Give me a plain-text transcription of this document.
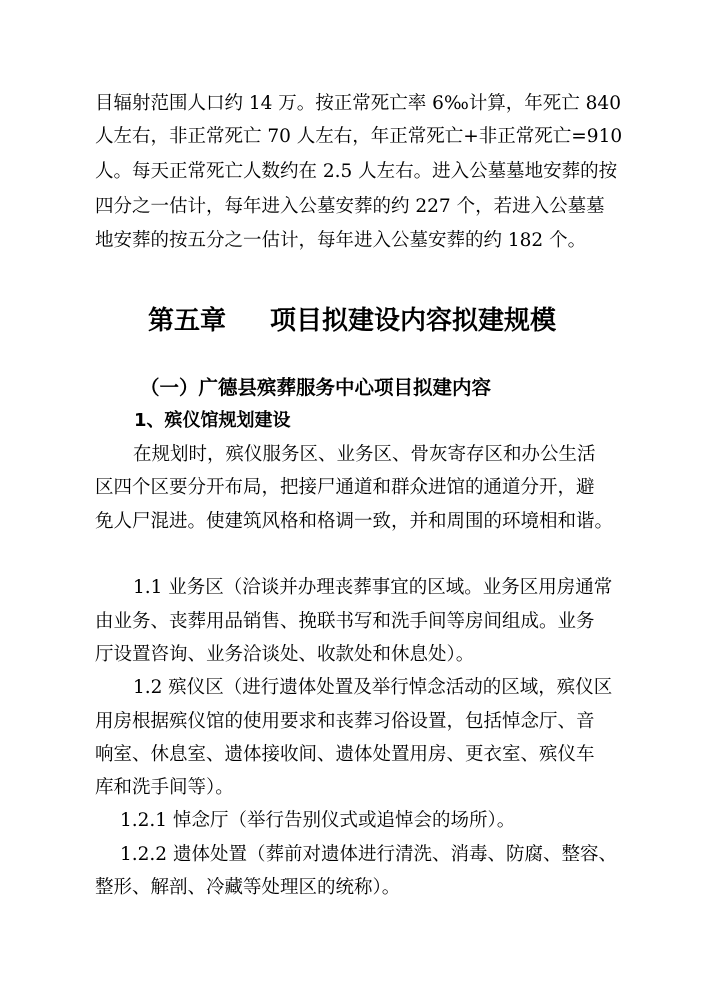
目辐射范围人口约 14 万。按正常死亡率 6‰计算，年死亡 840
人左右，非正常死亡 70 人左右，年正常死亡+非正常死亡=910
人。每天正常死亡人数约在 2.5 人左右。进入公墓墓地安葬的按
四分之一估计，每年进入公墓安葬的约 227 个，若进入公墓墓
地安葬的按五分之一估计，每年进入公墓安葬的约 182 个。
第五章 项目拟建设内容拟建规模
（一）广德县殡葬服务中心项目拟建内容
1、殡仪馆规划建设
在规划时，殡仪服务区、业务区、骨灰寄存区和办公生活
区四个区要分开布局，把接尸通道和群众进馆的通道分开，避
免人尸混进。使建筑风格和格调一致，并和周围的环境相和谐。
1.1 业务区（洽谈并办理丧葬事宜的区域。业务区用房通常
由业务、丧葬用品销售、挽联书写和洗手间等房间组成。业务
厅设置咨询、业务洽谈处、收款处和休息处）。
1.2 殡仪区（进行遗体处置及举行悼念活动的区域，殡仪区
用房根据殡仪馆的使用要求和丧葬习俗设置，包括悼念厅、音
响室、休息室、遗体接收间、遗体处置用房、更衣室、殡仪车
库和洗手间等）。
1.2.1 悼念厅（举行告别仪式或追悼会的场所）。
1.2.2 遗体处置（葬前对遗体进行清洗、消毒、防腐、整容、
整形、解剖、冷藏等处理区的统称）。
